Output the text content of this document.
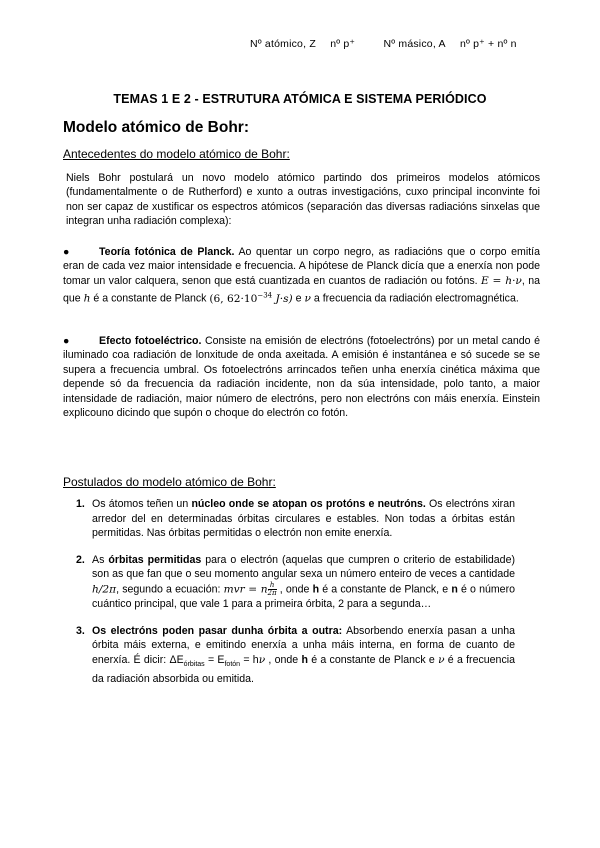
Nº atómico, Z nº p⁺	Nº másico, A nº p⁺ + nº n
TEMAS 1 E 2 - ESTRUTURA ATÓMICA E SISTEMA PERIÓDICO
Modelo atómico de Bohr:
Antecedentes do modelo atómico de Bohr:
Niels Bohr postulará un novo modelo atómico partindo dos primeiros modelos atómicos (fundamentalmente o de Rutherford) e xunto a outras investigacións, cuxo principal inconvinte foi non ser capaz de xustificar os espectros atómicos (separación das diversas radiacións sinxelas que integran unha radiación complexa):
●	Teoría fotónica de Planck. Ao quentar un corpo negro, as radiacións que o corpo emitía eran de cada vez maior intensidade e frecuencia. A hipótese de Planck dicía que a enerxía non pode tomar un valor calquera, senon que está cuantizada en cuantos de radiación ou fotóns. E = h·ν, na que h é a constante de Planck (6, $62\cdot 10^{-34}$ J·s) e ν a frecuencia da radiación electromagnética.
●	Efecto fotoeléctrico. Consiste na emisión de electróns (fotoelectróns) por un metal cando é iluminado coa radiación de lonxitude de onda axeitada. A emisión é instantánea e só sucede se se supera a frecuencia umbral. Os fotoelectróns arrincados teñen unha enerxía cinética máxima que depende só da frecuencia da radiación incidente, non da súa intensidade, polo tanto, a maior intensidade de radiación, maior número de electróns, pero non electróns con máis enerxía. Einstein explicouno dicindo que supón o choque do electrón co fotón.
Postulados do modelo atómico de Bohr:
1. Os átomos teñen un núcleo onde se atopan os protóns e neutróns. Os electróns xiran arredor del en determinadas órbitas circulares e estables. Non todas a órbitas están permitidas. Nas órbitas permitidas o electrón non emite enerxía.
2. As órbitas permitidas para o electrón (aquelas que cumpren o criterio de estabilidade) son as que fan que o seu momento angular sexa un número enteiro de veces a cantidade h/2π, segundo a ecuación: mvr = n $\frac{h}{2\pi}$ , onde h é a constante de Planck, e n é o número cuántico principal, que vale 1 para a primeira órbita, 2 para a segunda…
3. Os electróns poden pasar dunha órbita a outra: Absorbendo enerxía pasan a unha órbita máis externa, e emitindo enerxía a unha máis interna, en forma de cuanto de enerxía. É dicir: $\Delta E_{órbitas} = E_{fotón} = h\nu$ , onde h é a constante de Planck e ν é a frecuencia da radiación absorbida ou emitida.
